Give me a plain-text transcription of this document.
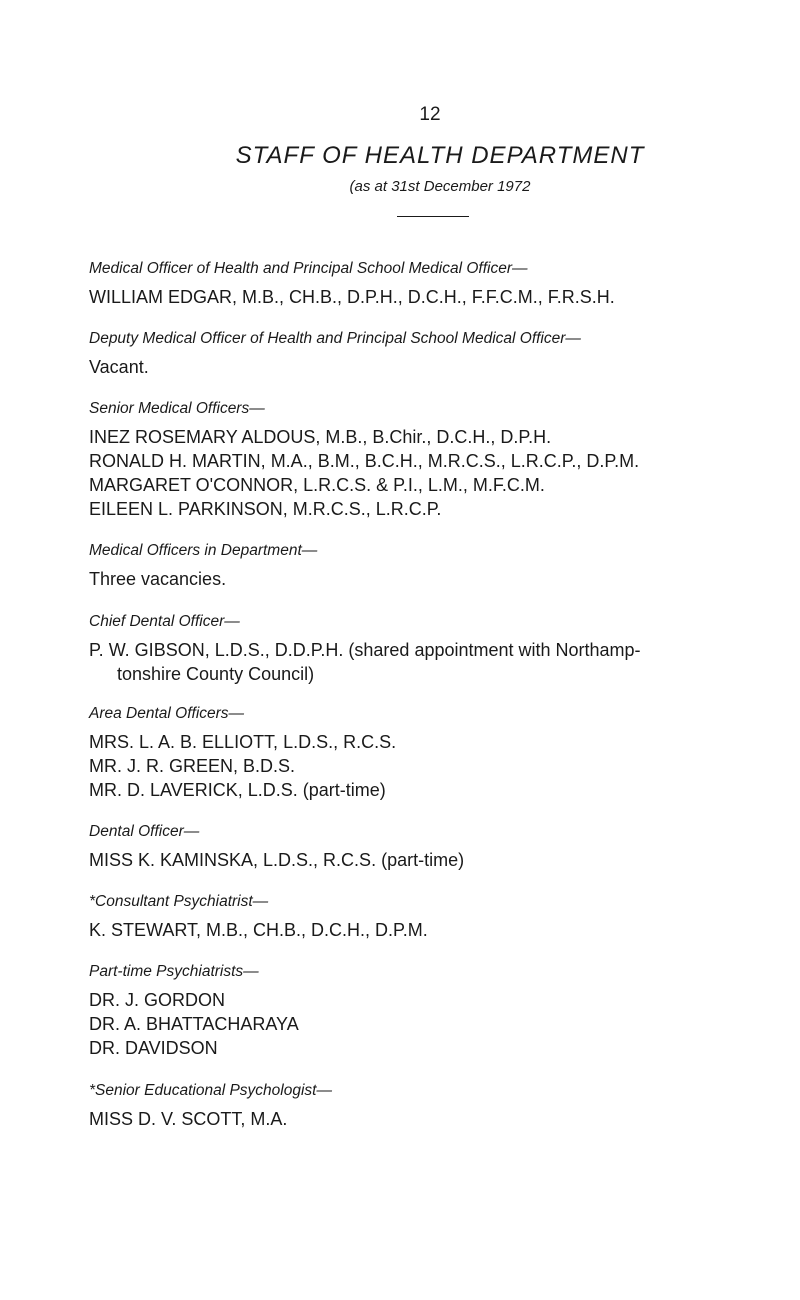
12
STAFF OF HEALTH DEPARTMENT
(as at 31st December 1972
Medical Officer of Health and Principal School Medical Officer—
WILLIAM EDGAR, M.B., CH.B., D.P.H., D.C.H., F.F.C.M., F.R.S.H.
Deputy Medical Officer of Health and Principal School Medical Officer—
Vacant.
Senior Medical Officers—
INEZ ROSEMARY ALDOUS, M.B., B.Chir., D.C.H., D.P.H.
RONALD H. MARTIN, M.A., B.M., B.C.H., M.R.C.S., L.R.C.P., D.P.M.
MARGARET O'CONNOR, L.R.C.S. & P.I., L.M., M.F.C.M.
EILEEN L. PARKINSON, M.R.C.S., L.R.C.P.
Medical Officers in Department—
Three vacancies.
Chief Dental Officer—
P. W. GIBSON, L.D.S., D.D.P.H. (shared appointment with Northamp-
tonshire County Council)
Area Dental Officers—
MRS. L. A. B. ELLIOTT, L.D.S., R.C.S.
MR. J. R. GREEN, B.D.S.
MR. D. LAVERICK, L.D.S. (part-time)
Dental Officer—
MISS K. KAMINSKA, L.D.S., R.C.S. (part-time)
*Consultant Psychiatrist—
K. STEWART, M.B., CH.B., D.C.H., D.P.M.
Part-time Psychiatrists—
DR. J. GORDON
DR. A. BHATTACHARAYA
DR. DAVIDSON
*Senior Educational Psychologist—
MISS D. V. SCOTT, M.A.
